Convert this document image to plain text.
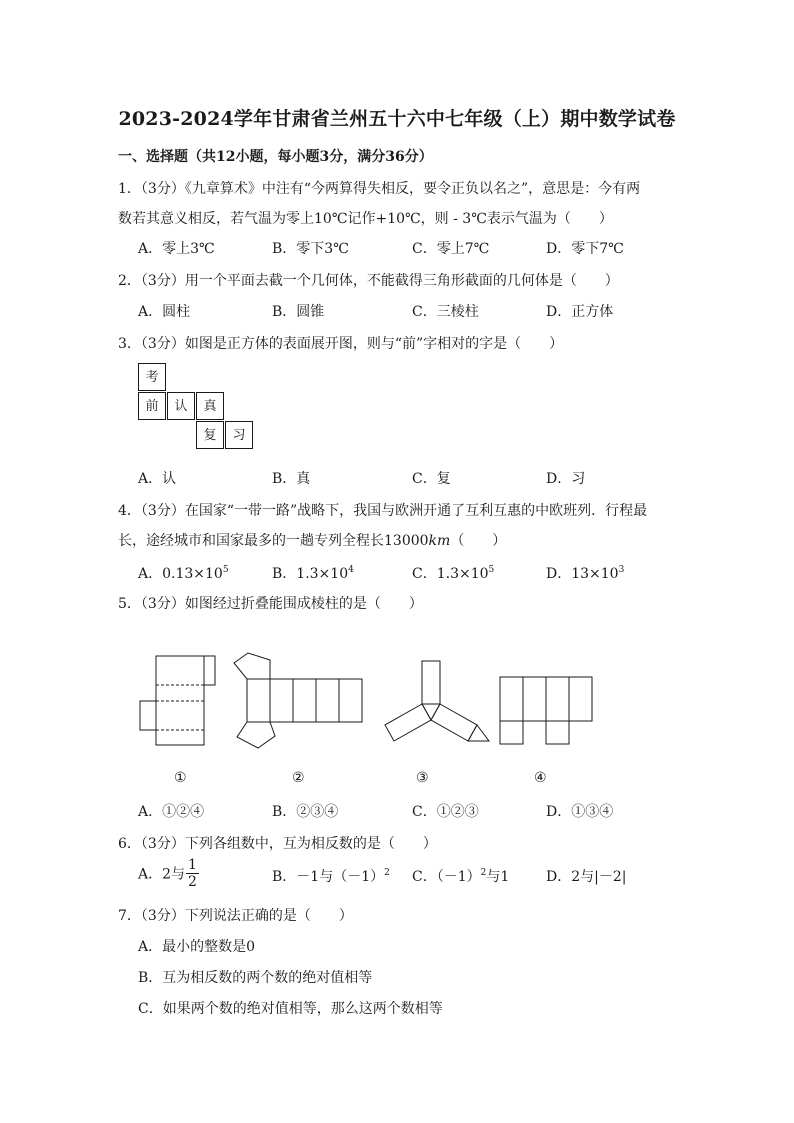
2023-2024学年甘肃省兰州五十六中七年级（上）期中数学试卷
一、选择题（共12小题，每小题3分，满分36分）
1．（3分）《九章算术》中注有“今两算得失相反，要令正负以名之”，意思是：今有两
数若其意义相反，若气温为零上10℃记作+10℃，则 - 3℃表示气温为（　　）
A．零上3℃	B．零下3℃	C．零上7℃	D．零下7℃
2．（3分）用一个平面去截一个几何体，不能截得三角形截面的几何体是（　　）
A．圆柱	B．圆锥	C．三棱柱	D．正方体
3．（3分）如图是正方体的表面展开图，则与“前”字相对的字是（　　）
考
前	认	真
复	习
A．认	B．真	C．复	D．习
4．（3分）在国家“一带一路”战略下，我国与欧洲开通了互利互惠的中欧班列．行程最
长，途经城市和国家最多的一趟专列全程长13000km（　　）
A．$0.13\times 10^5$	B．$1.3\times 10^4$	C．$1.3\times 10^5$	D．$13\times 10^3$
5．（3分）如图经过折叠能围成棱柱的是（　　）
①	②	③	④
A．①②④	B．②③④	C．①②③	D．①③④
6．（3分）下列各组数中，互为相反数的是（　　）
A．2与 $\frac{1}{2}$	B．－1与$(-1)^2$ C．$(-1)^2$与1	D．2与|－2|
7．（3分）下列说法正确的是（　　）
A．最小的整数是0
B．互为相反数的两个数的绝对值相等
C．如果两个数的绝对值相等，那么这两个数相等
